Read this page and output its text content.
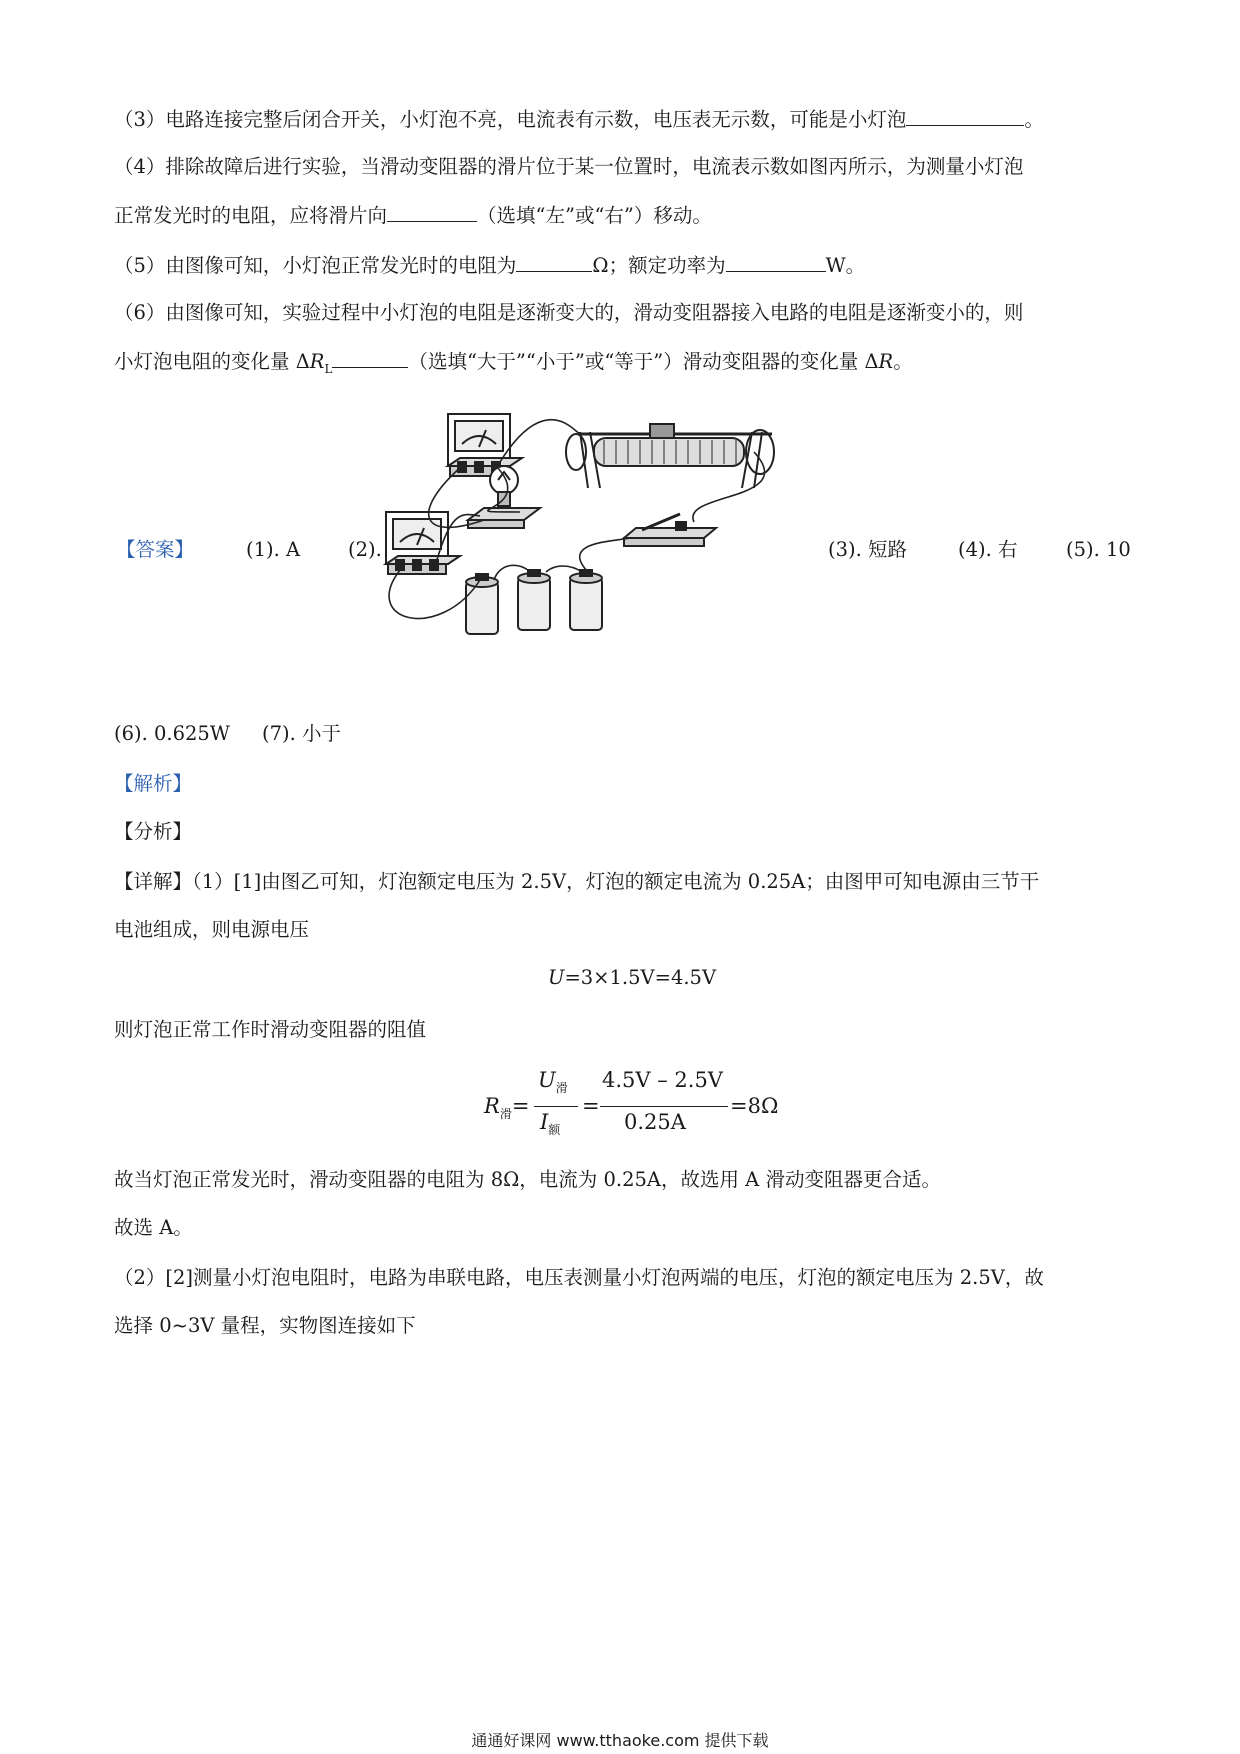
（3）电路连接完整后闭合开关，小灯泡不亮，电流表有示数，电压表无示数，可能是小灯泡	。
（4）排除故障后进行实验，当滑动变阻器的滑片位于某一位置时，电流表示数如图丙所示，为测量小灯泡
正常发光时的电阻，应将滑片向	（选填“左”或“右”）移动。
（5）由图像可知，小灯泡正常发光时的电阻为	Ω；额定功率为	W。
（6）由图像可知，实验过程中小灯泡的电阻是逐渐变大的，滑动变阻器接入电路的电阻是逐渐变小的，则
小灯泡电阻的变化量 $\Delta R_L$	（选填“大于”“小于”或“等于”）滑动变阻器的变化量 ΔR。
【答案】	(1). A (2).	(3). 短路	(4). 右 (5). 10
(6). 0.625W (7). 小于
【解析】
【分析】
【详解】（1）[1]由图乙可知，灯泡额定电压为 2.5V，灯泡的额定电流为 0.25A；由图甲可知电源由三节干
电池组成，则电源电压
U=3×1.5V=4.5V
则灯泡正常工作时滑动变阻器的阻值
$R_滑=$
$U_滑$
$I_额$
=
4.5V – 2.5V
0.25A
=8Ω
故当灯泡正常发光时，滑动变阻器的电阻为 8Ω，电流为 0.25A，故选用 A 滑动变阻器更合适。
故选 A。
（2）[2]测量小灯泡电阻时，电路为串联电路，电压表测量小灯泡两端的电压，灯泡的额定电压为 2.5V，故
选择 0~3V 量程，实物图连接如下
通通好课网 www.tthaoke.com 提供下载
